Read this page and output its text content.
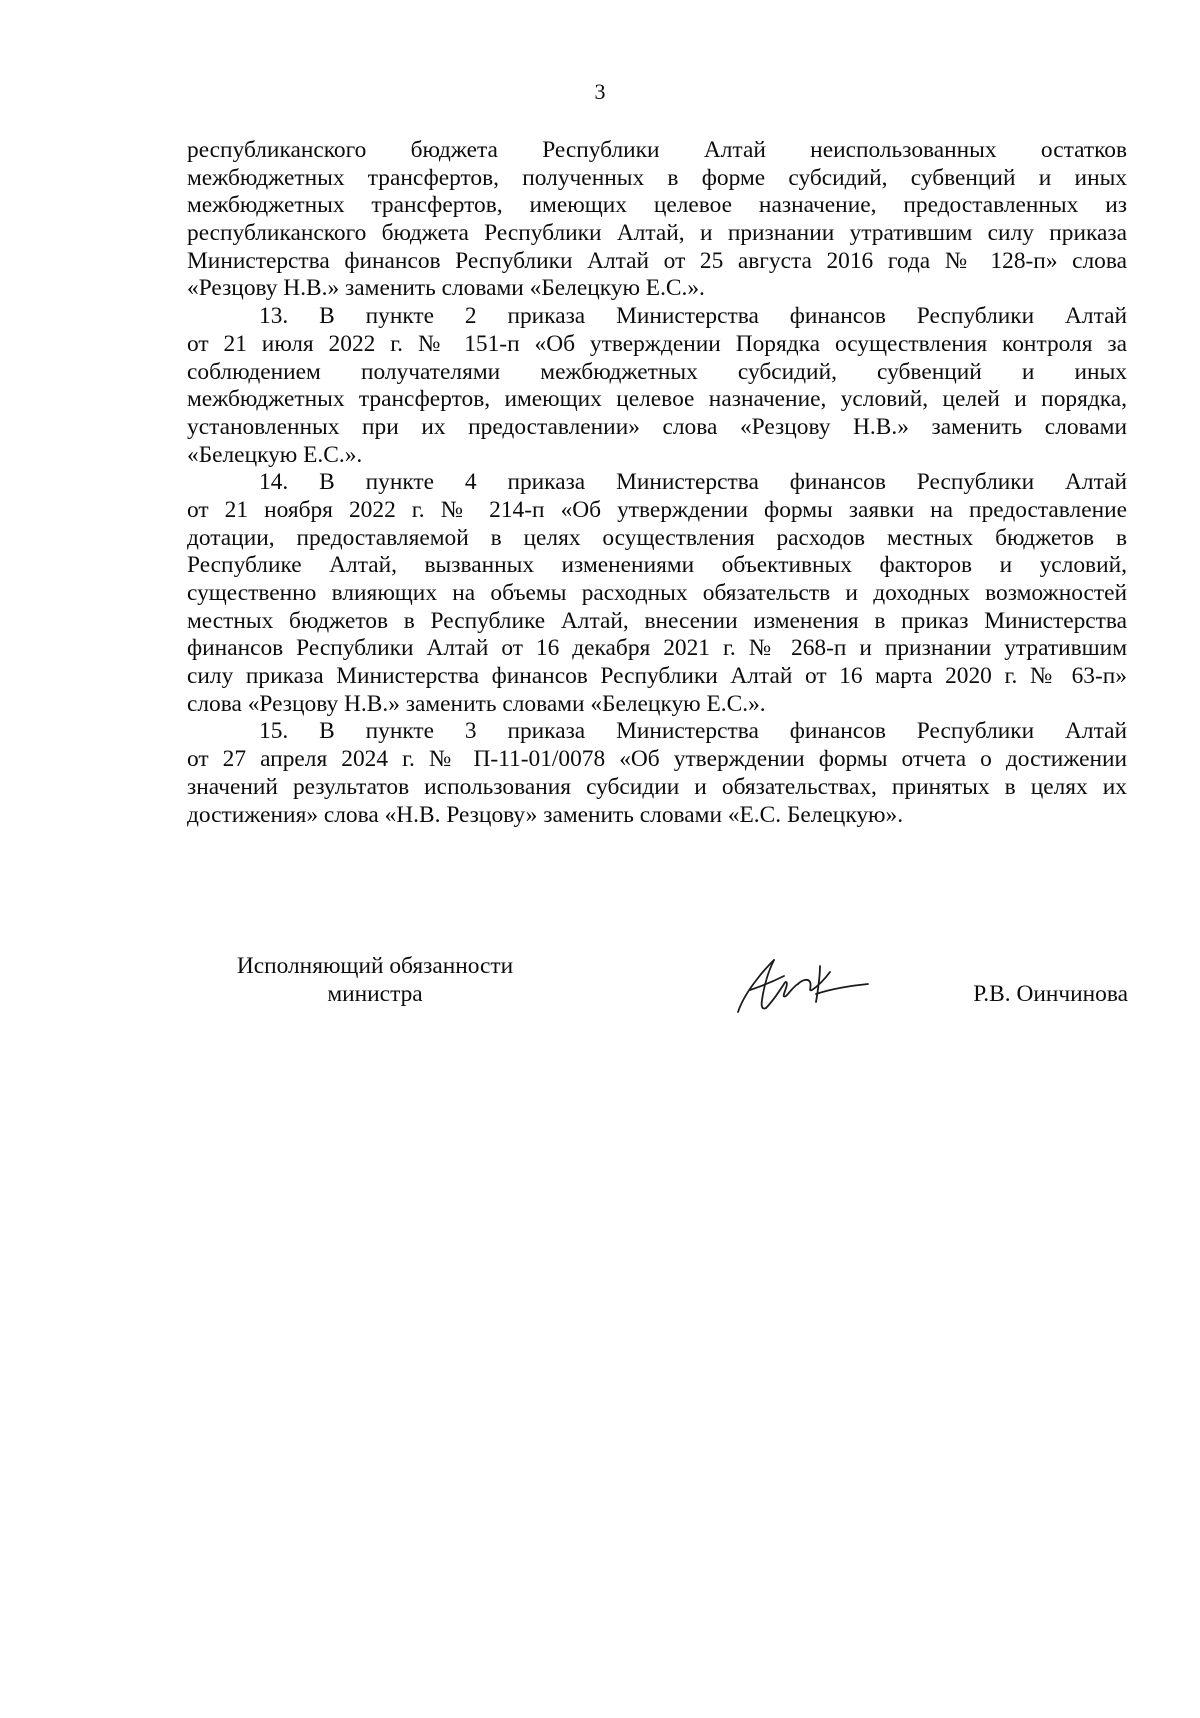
3
республиканского бюджета Республики Алтай неиспользованных остатков
межбюджетных трансфертов, полученных в форме субсидий, субвенций и иных
межбюджетных трансфертов, имеющих целевое назначение, предоставленных из
республиканского бюджета Республики Алтай, и признании утратившим силу приказа
Министерства финансов Республики Алтай от 25 августа 2016 года № 128-п» слова
«Резцову Н.В.» заменить словами «Белецкую Е.С.».
13. В пункте 2 приказа Министерства финансов Республики Алтай
от 21 июля 2022 г. № 151-п «Об утверждении Порядка осуществления контроля за
соблюдением получателями межбюджетных субсидий, субвенций и иных
межбюджетных трансфертов, имеющих целевое назначение, условий, целей и порядка,
установленных при их предоставлении» слова «Резцову Н.В.» заменить словами
«Белецкую Е.С.».
14. В пункте 4 приказа Министерства финансов Республики Алтай
от 21 ноября 2022 г. № 214-п «Об утверждении формы заявки на предоставление
дотации, предоставляемой в целях осуществления расходов местных бюджетов в
Республике Алтай, вызванных изменениями объективных факторов и условий,
существенно влияющих на объемы расходных обязательств и доходных возможностей
местных бюджетов в Республике Алтай, внесении изменения в приказ Министерства
финансов Республики Алтай от 16 декабря 2021 г. № 268-п и признании утратившим
силу приказа Министерства финансов Республики Алтай от 16 марта 2020 г. № 63-п»
слова «Резцову Н.В.» заменить словами «Белецкую Е.С.».
15. В пункте 3 приказа Министерства финансов Республики Алтай
от 27 апреля 2024 г. № П-11-01/0078 «Об утверждении формы отчета о достижении
значений результатов использования субсидии и обязательствах, принятых в целях их
достижения» слова «Н.В. Резцову» заменить словами «Е.С. Белецкую».
Исполняющий обязанности
министра	Р.В. Оинчинова
